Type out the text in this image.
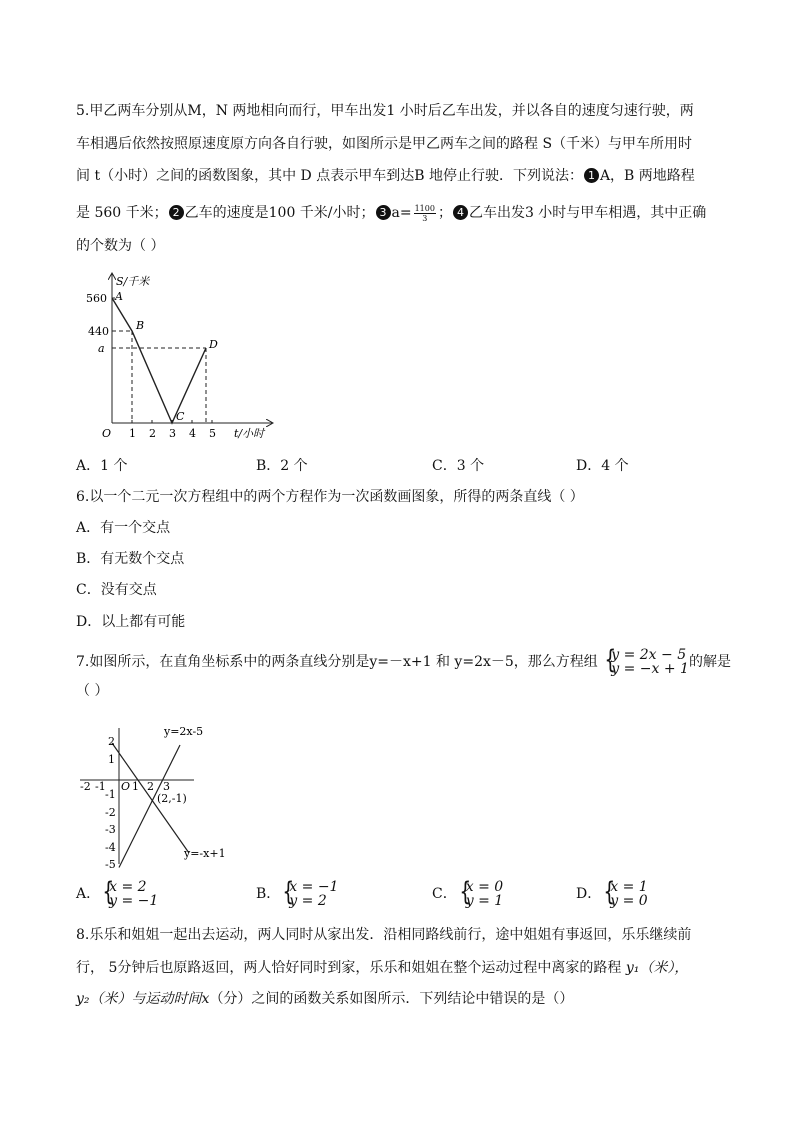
5.甲乙两车分别从M，N 两地相向而行，甲车出发1 小时后乙车出发，并以各自的速度匀速行驶，两
车相遇后依然按照原速度原方向各自行驶，如图所示是甲乙两车之间的路程 S（千米）与甲车所用时
间 t（小时）之间的函数图象，其中 D 点表示甲车到达B 地停止行驶．下列说法： 1 A，B 两地路程
是 560 千米； 2 乙车的速度是100 千米/小时； 3 $a= \frac{1100}{3}$ ； 4 乙车出发3 小时与甲车相遇，其中正确
的个数为（ ）
S/千米
560
440
a
A
B
C
D
O 1 2 3 4 5 t/小时
A．1 个	B．2 个	C．3 个	D．4 个
6.以一个二元一次方程组中的两个方程作为一次函数画图象，所得的两条直线（ ）
A．有一个交点
B．有无数个交点
C．没有交点
D．以上都有可能
7.如图所示，在直角坐标系中的两条直线分别是y=－x+1 和 y=2x－5，那么方程组 {
y = 2x − 5
y = −x + 1 的解是
（ ）
-2 -1 O 1 2 3
2
1
-1
-2
-3
-4
-5
y=2x-5
y=-x+1
(2,-1)
A． {
x = 2
y = −1	B． {
x = −1
y = 2	C． {
x = 0
y = 1	D． {
x = 1
y = 0
8.乐乐和姐姐一起出去运动，两人同时从家出发．沿相同路线前行，途中姐姐有事返回，乐乐继续前
行， 5分钟后也原路返回，两人恰好同时到家，乐乐和姐姐在整个运动过程中离家的路程 y₁（米），
y₂（米）与运动时间x（分）之间的函数关系如图所示．下列结论中错误的是（）
